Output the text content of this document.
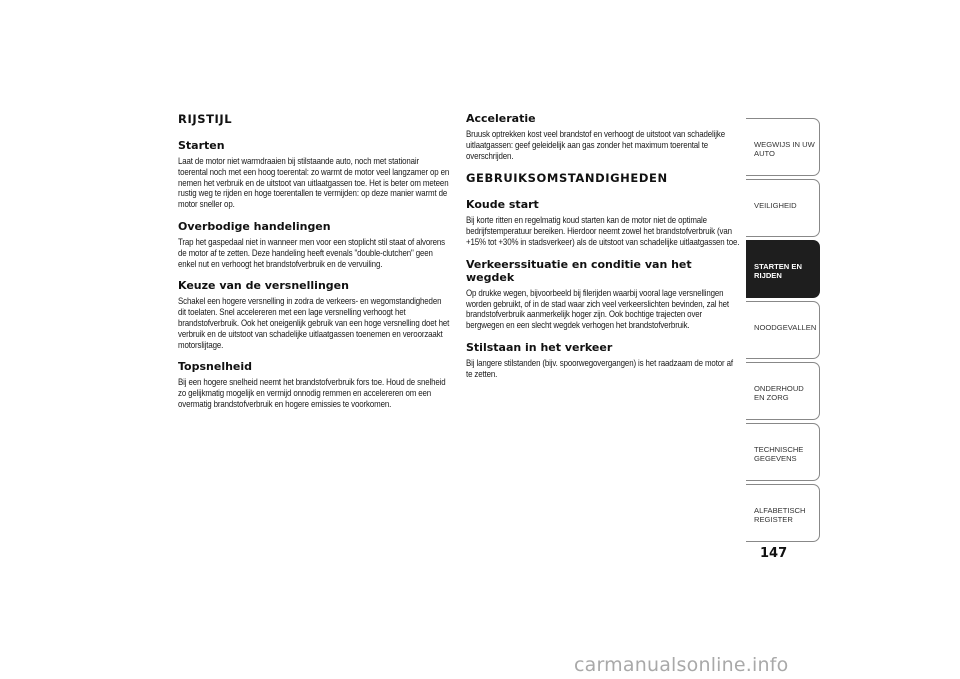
RIJSTIJL
Starten

Laat de motor niet warmdraaien bij stilstaande auto, noch met stationair toerental noch met een hoog toerental: zo warmt de motor veel langzamer op en nemen het verbruik en de uitstoot van uitlaatgassen toe. Het is beter om meteen rustig weg te rijden en hoge toerentallen te vermijden: op deze manier warmt de motor sneller op.

Overbodige handelingen

Trap het gaspedaal niet in wanneer men voor een stoplicht stil staat of alvorens de motor af te zetten. Deze handeling heeft evenals "double-clutchen" geen enkel nut en verhoogt het brandstofverbruik en de vervuiling.

Keuze van de versnellingen

Schakel een hogere versnelling in zodra de verkeers- en wegomstandigheden dit toelaten. Snel accelereren met een lage versnelling verhoogt het brandstofverbruik. Ook het oneigenlijk gebruik van een hoge versnelling doet het verbruik en de uitstoot van schadelijke uitlaatgassen toenemen en veroorzaakt motorslijtage.

Topsnelheid

Bij een hogere snelheid neemt het brandstofverbruik fors toe. Houd de snelheid zo gelijkmatig mogelijk en vermijd onnodig remmen en accelereren om een overmatig brandstofverbruik en hogere emissies te voorkomen.

Acceleratie

Bruusk optrekken kost veel brandstof en verhoogt de uitstoot van schadelijke uitlaatgassen: geef geleidelijk aan gas zonder het maximum toerental te overschrijden.

GEBRUIKSOMSTANDIGHEDEN
Koude start

Bij korte ritten en regelmatig koud starten kan de motor niet de optimale bedrijfstemperatuur bereiken. Hierdoor neemt zowel het brandstofverbruik (van +15% tot +30% in stadsverkeer) als de uitstoot van schadelijke uitlaatgassen toe.

Verkeerssituatie en conditie van het wegdek

Op drukke wegen, bijvoorbeeld bij filerijden waarbij vooral lage versnellingen worden gebruikt, of in de stad waar zich veel verkeerslichten bevinden, zal het brandstofverbruik aanmerkelijk hoger zijn. Ook bochtige trajecten over bergwegen en een slecht wegdek verhogen het brandstofverbruik.

Stilstaan in het verkeer

Bij langere stilstanden (bijv. spoorwegovergangen) is het raadzaam de motor af te zetten.

WEGWIJS IN UW AUTO
VEILIGHEID
STARTEN EN RIJDEN
NOODGEVALLEN
ONDERHOUD EN ZORG
TECHNISCHE GEGEVENS
ALFABETISCH REGISTER
147
carmanualsonline.info
